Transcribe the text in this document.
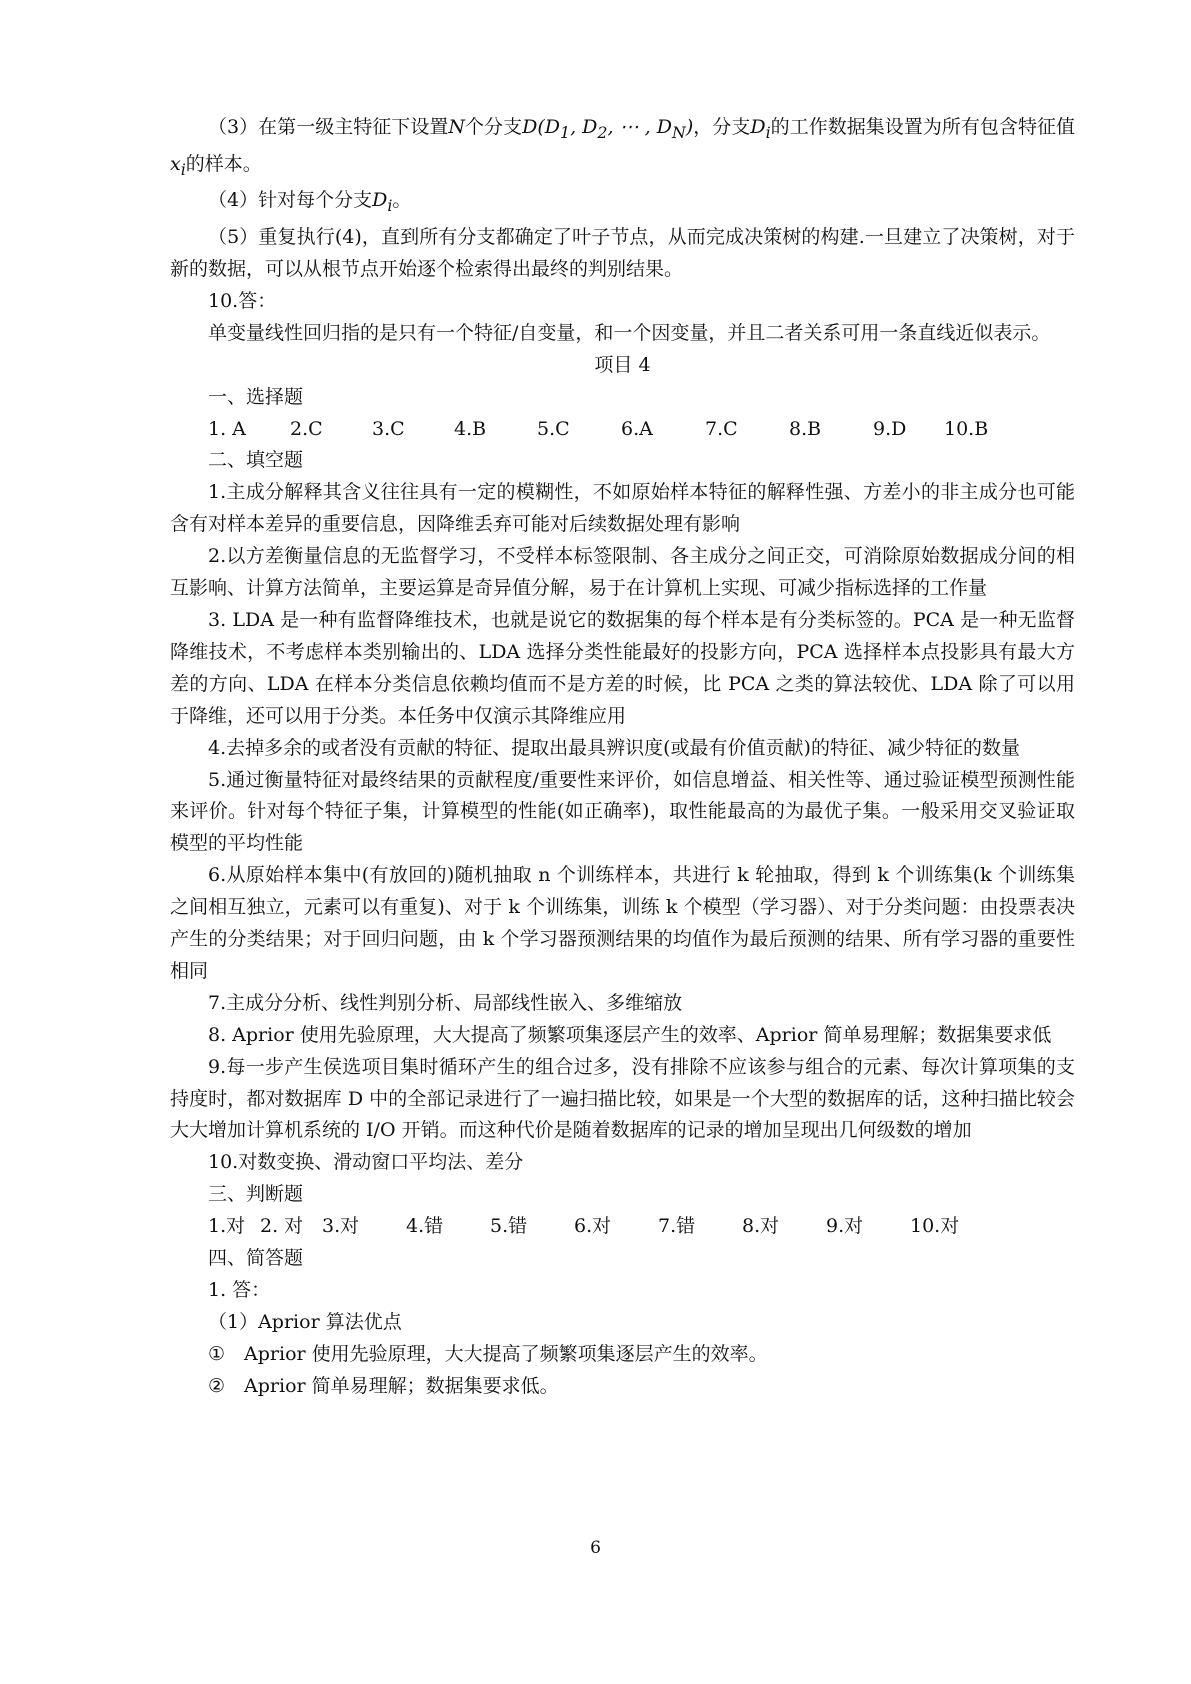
（3）在第一级主特征下设置N个分支$D(D_1$, $D_2$, ⋯ , $D_N$)，分支$D_i$的工作数据集设置为所有包含特征值$x_i$的样本。

（4）针对每个分支$D_i$。

（5）重复执行(4)，直到所有分支都确定了叶子节点，从而完成决策树的构建.一旦建立了决策树，对于新的数据，可以从根节点开始逐个检索得出最终的判别结果。

10.答：

单变量线性回归指的是只有一个特征/自变量，和一个因变量，并且二者关系可用一条直线近似表示。

项目 4

一、选择题

1. A	2.C	3.C	4.B	5.C	6.A	7.C	8.B	9.D	10.B

二、填空题

1.主成分解释其含义往往具有一定的模糊性，不如原始样本特征的解释性强、方差小的非主成分也可能含有对样本差异的重要信息，因降维丢弃可能对后续数据处理有影响

2.以方差衡量信息的无监督学习，不受样本标签限制、各主成分之间正交，可消除原始数据成分间的相互影响、计算方法简单，主要运算是奇异值分解，易于在计算机上实现、可减少指标选择的工作量

3. LDA 是一种有监督降维技术，也就是说它的数据集的每个样本是有分类标签的。PCA 是一种无监督降维技术，不考虑样本类别输出的、LDA 选择分类性能最好的投影方向，PCA 选择样本点投影具有最大方差的方向、LDA 在样本分类信息依赖均值而不是方差的时候，比 PCA 之类的算法较优、LDA 除了可以用于降维，还可以用于分类。本任务中仅演示其降维应用

4.去掉多余的或者没有贡献的特征、提取出最具辨识度(或最有价值贡献)的特征、减少特征的数量

5.通过衡量特征对最终结果的贡献程度/重要性来评价，如信息增益、相关性等、通过验证模型预测性能来评价。针对每个特征子集，计算模型的性能(如正确率)，取性能最高的为最优子集。一般采用交叉验证取模型的平均性能

6.从原始样本集中(有放回的)随机抽取 n 个训练样本，共进行 k 轮抽取，得到 k 个训练集(k 个训练集之间相互独立，元素可以有重复)、对于 k 个训练集，训练 k 个模型（学习器）、对于分类问题：由投票表决产生的分类结果；对于回归问题，由 k 个学习器预测结果的均值作为最后预测的结果、所有学习器的重要性相同

7.主成分分析、线性判别分析、局部线性嵌入、多维缩放

8. Aprior 使用先验原理，大大提高了频繁项集逐层产生的效率、Aprior 简单易理解；数据集要求低

9.每一步产生侯选项目集时循环产生的组合过多，没有排除不应该参与组合的元素、每次计算项集的支持度时，都对数据库 D 中的全部记录进行了一遍扫描比较，如果是一个大型的数据库的话，这种扫描比较会大大增加计算机系统的 I/O 开销。而这种代价是随着数据库的记录的增加呈现出几何级数的增加

10.对数变换、滑动窗口平均法、差分

三、判断题

1.对 2. 对 3.对	4.错	5.错	6.对	7.错	8.对	9.对	10.对

四、简答题

1. 答：

（1）Aprior 算法优点

①　Aprior 使用先验原理，大大提高了频繁项集逐层产生的效率。

②　Aprior 简单易理解；数据集要求低。

6
